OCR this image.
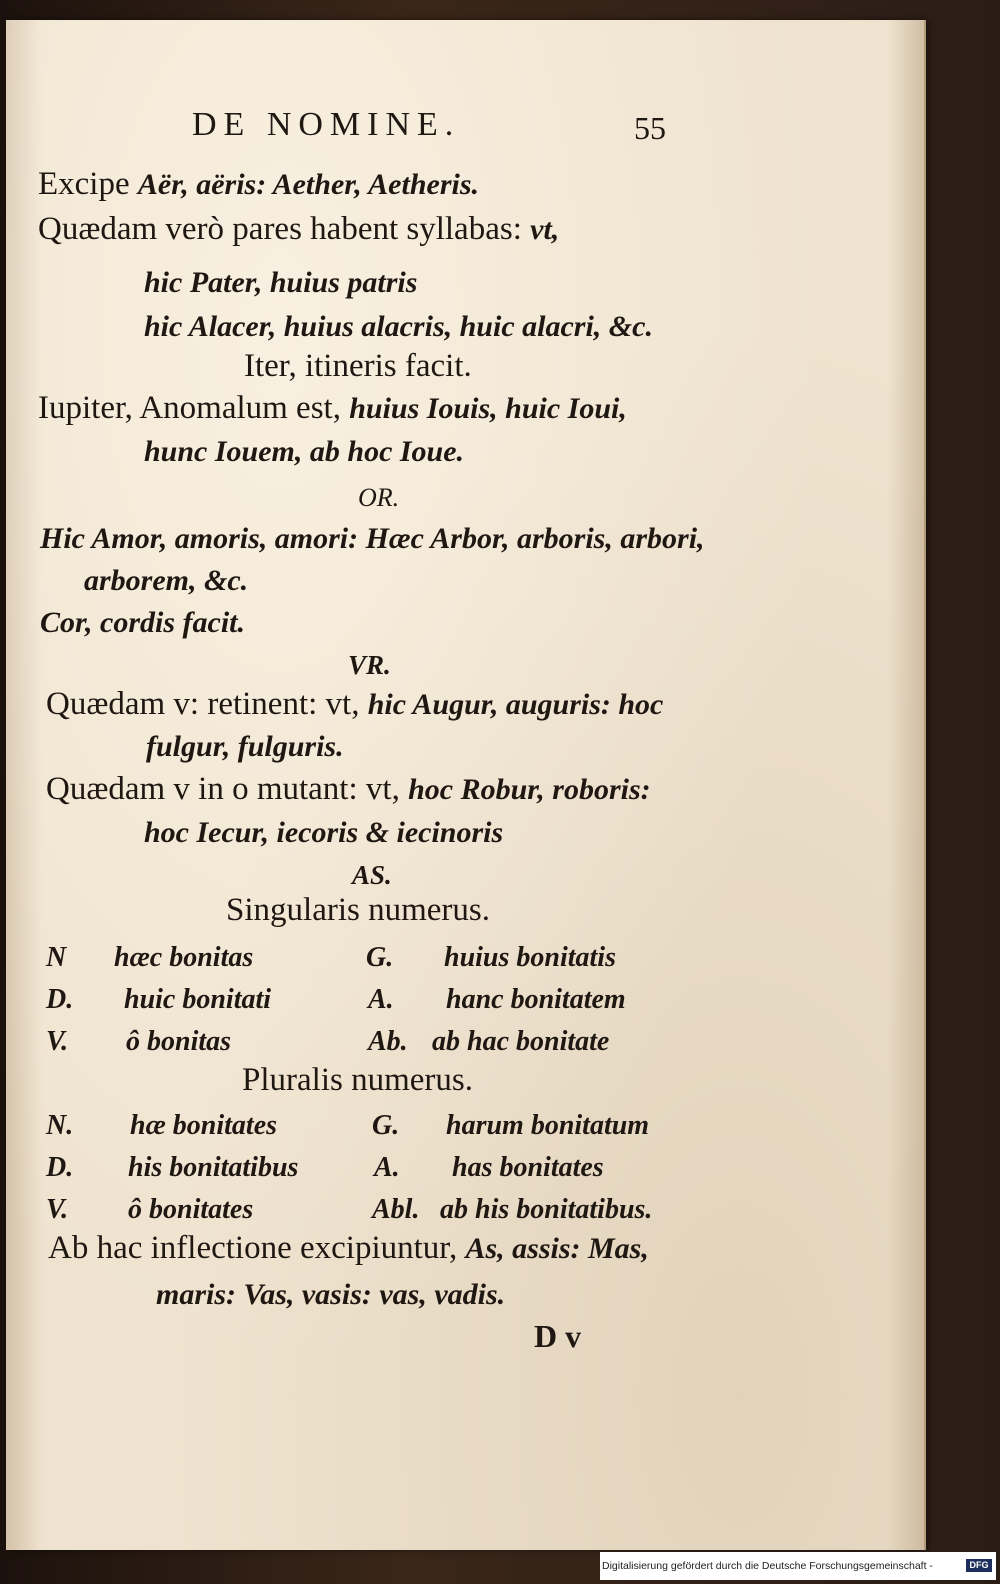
DE NOMINE.	55
Excipe Aër, aëris: Aether, Aetheris.
Quædam verò pares habent syllabas: vt,
hic Pater, huius patris
hic Alacer, huius alacris, huic alacri, &c.
Iter, itineris facit.
Iupiter, Anomalum est, huius Iouis, huic Ioui,
hunc Iouem, ab hoc Ioue.
OR.
Hic Amor, amoris, amori: Hæc Arbor, arboris, arbori,
arborem, &c.
Cor, cordis facit.
VR.
Quædam v: retinent: vt, hic Augur, auguris: hoc
fulgur, fulguris.
Quædam v in o mutant: vt, hoc Robur, roboris:
hoc Iecur, iecoris & iecinoris
AS.
Singularis numerus.
N hæc bonitas	G. huius bonitatis
D. huic bonitati	A. hanc bonitatem
V. ô bonitas	Ab. ab hac bonitate
Pluralis numerus.
N. hæ bonitates	G. harum bonitatum
D. his bonitatibus	A. has bonitates
V. ô bonitates	Abl. ab his bonitatibus.
Ab hac inflectione excipiuntur, As, assis: Mas,
maris: Vas, vasis: vas, vadis.
D v
Digitalisierung gefördert durch die Deutsche Forschungsgemeinschaft -	DFG
